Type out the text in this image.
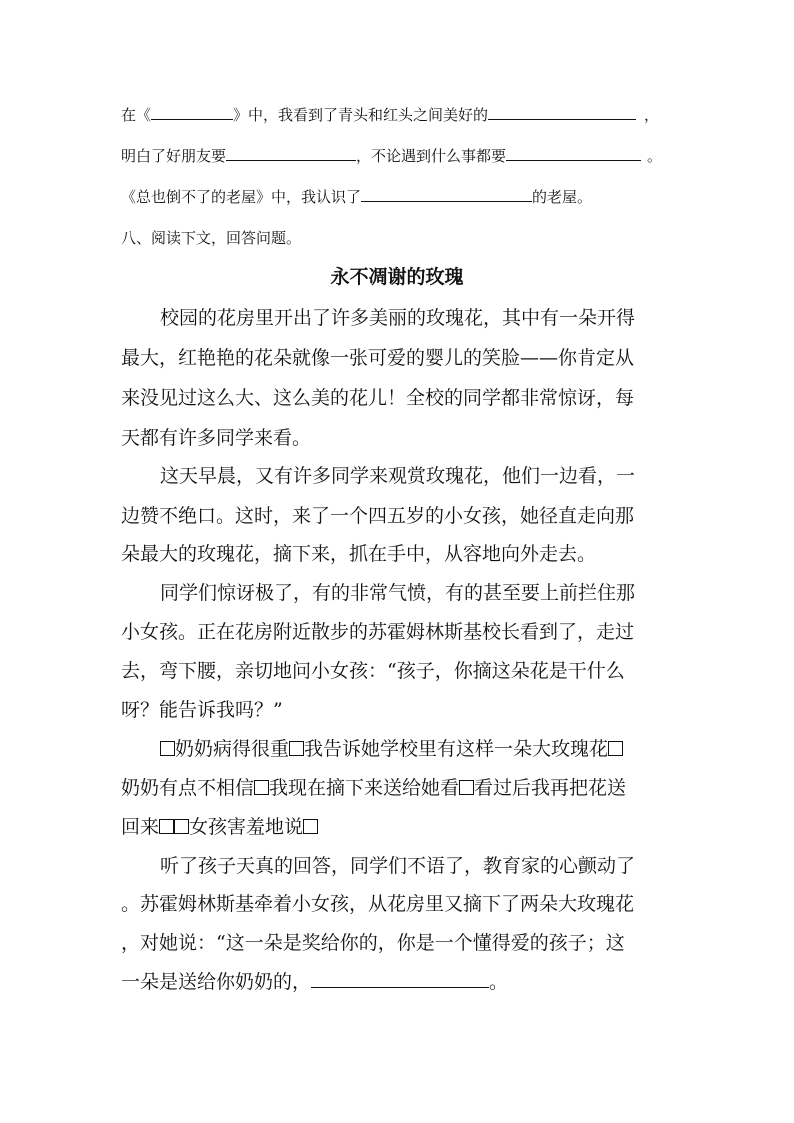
在《	》中，我看到了青头和红头之间美好的	，
明白了好朋友要	，不论遇到什么事都要	。
《总也倒不了的老屋》中，我认识了	的老屋。
八、阅读下文，回答问题。
永不凋谢的玫瑰
校园的花房里开出了许多美丽的玫瑰花，其中有一朵开得
最大，红艳艳的花朵就像一张可爱的婴儿的笑脸——你肯定从
来没见过这么大、这么美的花儿！全校的同学都非常惊讶，每
天都有许多同学来看。
这天早晨，又有许多同学来观赏玫瑰花，他们一边看，一
边赞不绝口。这时，来了一个四五岁的小女孩，她径直走向那
朵最大的玫瑰花，摘下来，抓在手中，从容地向外走去。
同学们惊讶极了，有的非常气愤，有的甚至要上前拦住那
小女孩。正在花房附近散步的苏霍姆林斯基校长看到了，走过
去，弯下腰，亲切地问小女孩：“孩子，你摘这朵花是干什么
呀？能告诉我吗？”
奶奶病得很重 我告诉她学校里有这样一朵大玫瑰花
奶奶有点不相信 我现在摘下来送给她看 看过后我再把花送
回来 女孩害羞地说
听了孩子天真的回答，同学们不语了，教育家的心颤动了
。苏霍姆林斯基牵着小女孩，从花房里又摘下了两朵大玫瑰花
，对她说：“这一朵是奖给你的，你是一个懂得爱的孩子；这
一朵是送给你奶奶的，	。
